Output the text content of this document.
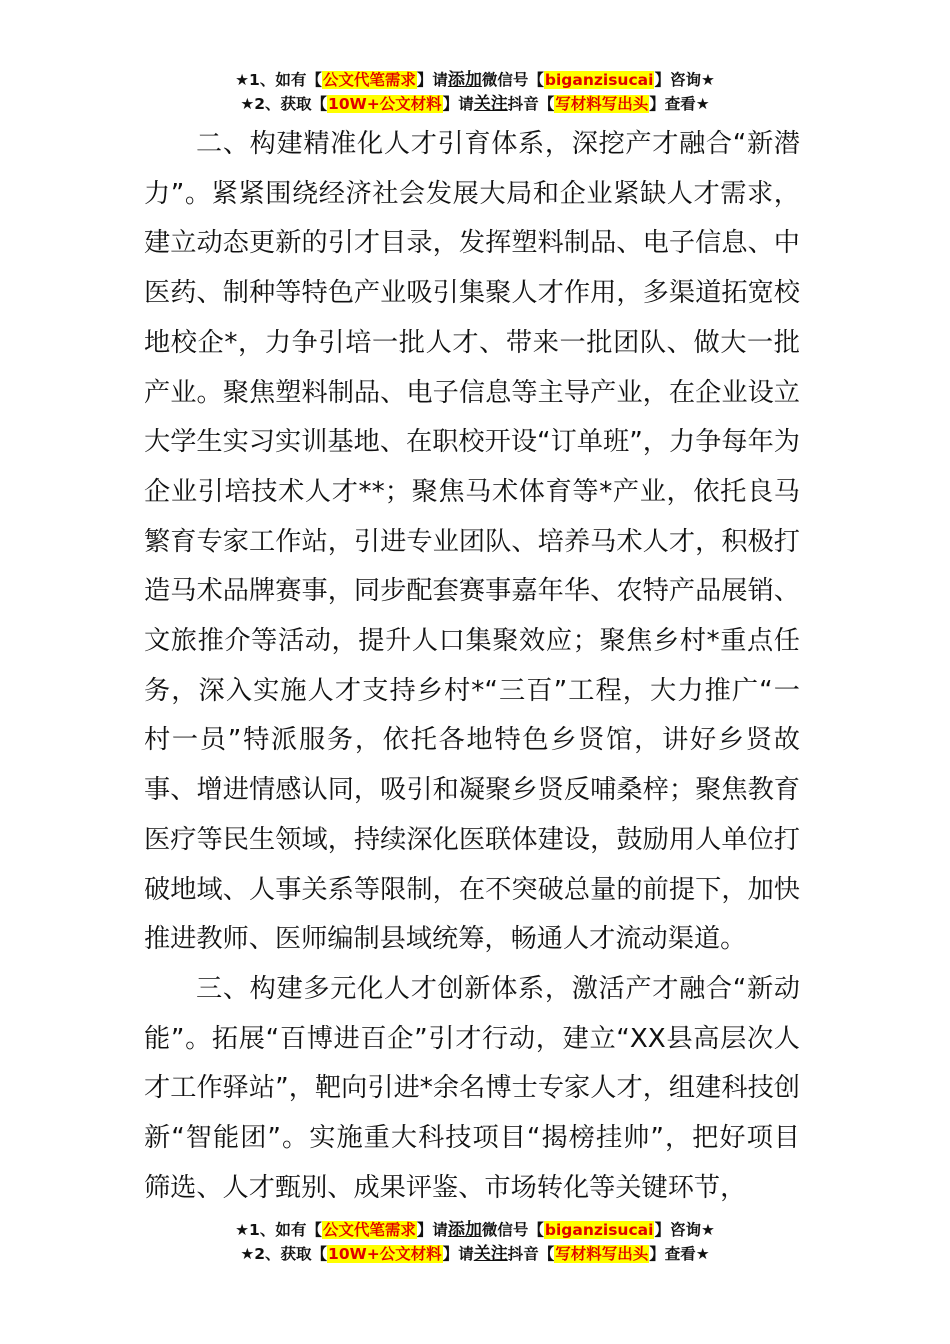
★1、如有【公文代笔需求】请添加微信号【biganzisucai】咨询★
★2、获取【10W+公文材料】请关注抖音【写材料写出头】查看★

二、构建精准化人才引育体系，深挖产才融合“新潜力”。紧紧围绕经济社会发展大局和企业紧缺人才需求，建立动态更新的引才目录，发挥塑料制品、电子信息、中医药、制种等特色产业吸引集聚人才作用，多渠道拓宽校地校企*，力争引培一批人才、带来一批团队、做大一批产业。聚焦塑料制品、电子信息等主导产业，在企业设立大学生实习实训基地、在职校开设“订单班”，力争每年为企业引培技术人才**；聚焦马术体育等*产业，依托良马繁育专家工作站，引进专业团队、培养马术人才，积极打造马术品牌赛事，同步配套赛事嘉年华、农特产品展销、文旅推介等活动，提升人口集聚效应；聚焦乡村*重点任务，深入实施人才支持乡村*“三百”工程，大力推广“一村一员”特派服务，依托各地特色乡贤馆，讲好乡贤故事、增进情感认同，吸引和凝聚乡贤反哺桑梓；聚焦教育医疗等民生领域，持续深化医联体建设，鼓励用人单位打破地域、人事关系等限制，在不突破总量的前提下，加快推进教师、医师编制县域统筹，畅通人才流动渠道。

三、构建多元化人才创新体系，激活产才融合“新动能”。拓展“百博进百企”引才行动，建立“XX县高层次人才工作驿站”，靶向引进*余名博士专家人才，组建科技创新“智能团”。实施重大科技项目“揭榜挂帅”，把好项目筛选、人才甄别、成果评鉴、市场转化等关键环节，

★1、如有【公文代笔需求】请添加微信号【biganzisucai】咨询★
★2、获取【10W+公文材料】请关注抖音【写材料写出头】查看★
